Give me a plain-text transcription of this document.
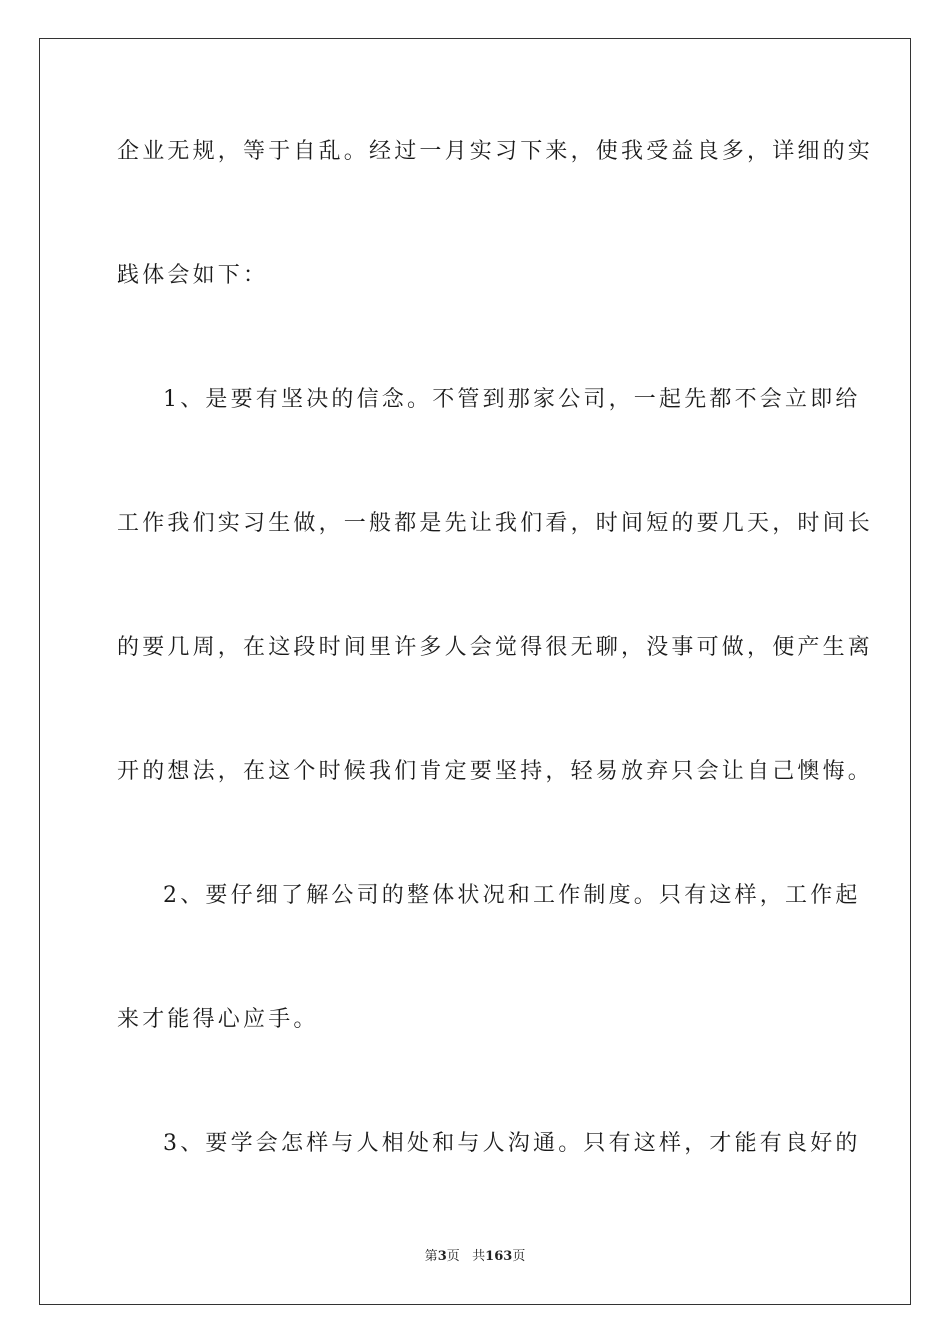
企业无规，等于自乱。经过一月实习下来，使我受益良多，详细的实
践体会如下：
1、是要有坚决的信念。不管到那家公司，一起先都不会立即给
工作我们实习生做，一般都是先让我们看，时间短的要几天，时间长
的要几周，在这段时间里许多人会觉得很无聊，没事可做，便产生离
开的想法，在这个时候我们肯定要坚持，轻易放弃只会让自己懊悔。
2、要仔细了解公司的整体状况和工作制度。只有这样，工作起
来才能得心应手。
3、要学会怎样与人相处和与人沟通。只有这样，才能有良好的
第3页 共163页
